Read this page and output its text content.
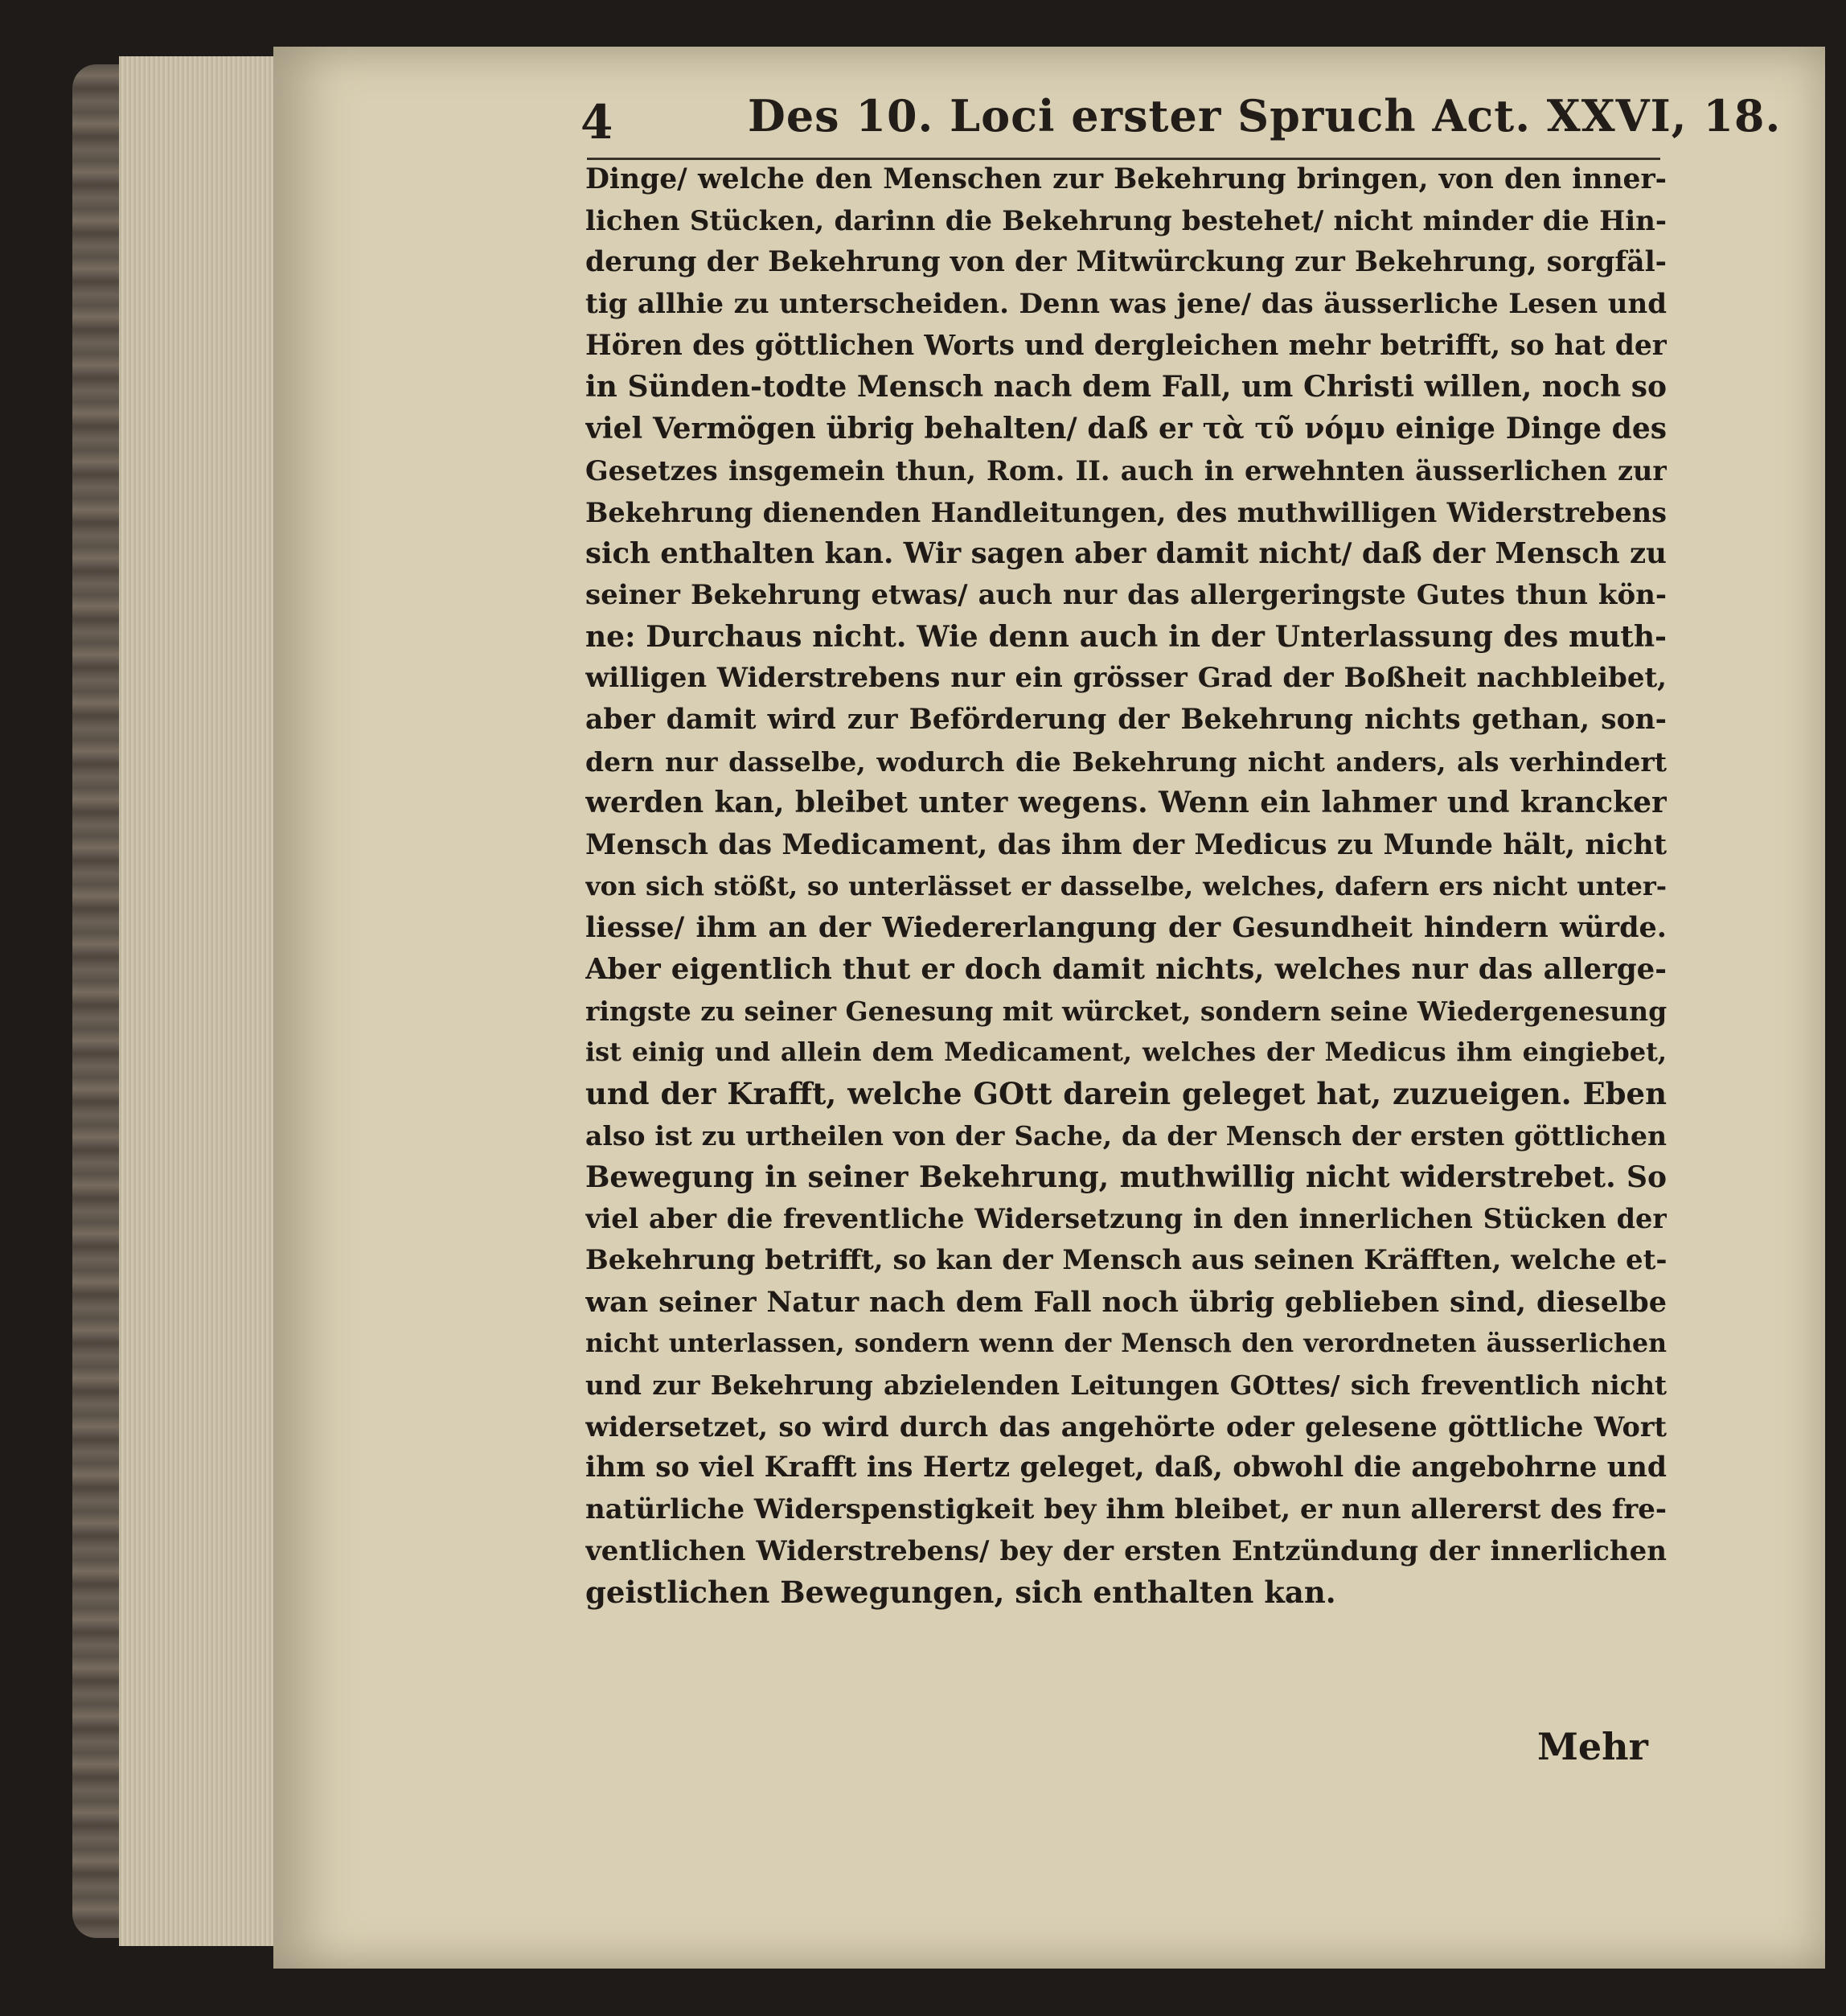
4	Des 10. Loci erster Spruch Act. XXVI, 18.
Dinge/ welche den Menschen zur Bekehrung bringen, von den inner-
lichen Stücken, darinn die Bekehrung bestehet/ nicht minder die Hin-
derung der Bekehrung von der Mitwürckung zur Bekehrung, sorgfäl-
tig allhie zu unterscheiden. Denn was jene/ das äusserliche Lesen und
Hören des göttlichen Worts und dergleichen mehr betrifft, so hat der
in Sünden-todte Mensch nach dem Fall, um Christi willen, noch so
viel Vermögen übrig behalten/ daß er τὰ τῦ νόμυ einige Dinge des
Gesetzes insgemein thun, Rom. II. auch in erwehnten äusserlichen zur
Bekehrung dienenden Handleitungen, des muthwilligen Widerstrebens
sich enthalten kan. Wir sagen aber damit nicht/ daß der Mensch zu
seiner Bekehrung etwas/ auch nur das allergeringste Gutes thun kön-
ne: Durchaus nicht. Wie denn auch in der Unterlassung des muth-
willigen Widerstrebens nur ein grösser Grad der Boßheit nachbleibet,
aber damit wird zur Beförderung der Bekehrung nichts gethan, son-
dern nur dasselbe, wodurch die Bekehrung nicht anders, als verhindert
werden kan, bleibet unter wegens. Wenn ein lahmer und krancker
Mensch das Medicament, das ihm der Medicus zu Munde hält, nicht
von sich stößt, so unterlässet er dasselbe, welches, dafern ers nicht unter-
liesse/ ihm an der Wiedererlangung der Gesundheit hindern würde.
Aber eigentlich thut er doch damit nichts, welches nur das allerge-
ringste zu seiner Genesung mit würcket, sondern seine Wiedergenesung
ist einig und allein dem Medicament, welches der Medicus ihm eingiebet,
und der Krafft, welche GOtt darein geleget hat, zuzueigen. Eben
also ist zu urtheilen von der Sache, da der Mensch der ersten göttlichen
Bewegung in seiner Bekehrung, muthwillig nicht widerstrebet. So
viel aber die freventliche Widersetzung in den innerlichen Stücken der
Bekehrung betrifft, so kan der Mensch aus seinen Kräfften, welche et-
wan seiner Natur nach dem Fall noch übrig geblieben sind, dieselbe
nicht unterlassen, sondern wenn der Mensch den verordneten äusserlichen
und zur Bekehrung abzielenden Leitungen GOttes/ sich freventlich nicht
widersetzet, so wird durch das angehörte oder gelesene göttliche Wort
ihm so viel Krafft ins Hertz geleget, daß, obwohl die angebohrne und
natürliche Widerspenstigkeit bey ihm bleibet, er nun allererst des fre-
ventlichen Widerstrebens/ bey der ersten Entzündung der innerlichen
geistlichen Bewegungen, sich enthalten kan.
Mehr
